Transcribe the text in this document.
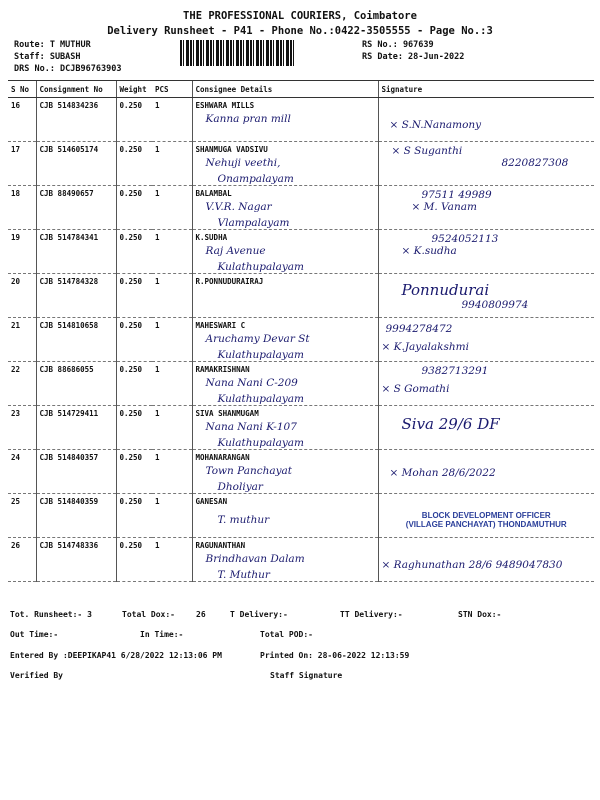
THE PROFESSIONAL COURIERS, Coimbatore
Delivery Runsheet - P41 - Phone No.:0422-3505555 - Page No.:3
Route: T MUTHUR
Staff: SUBASH
DRS No.: DCJB96763903
RS No.: 967639
RS Date: 28-Jun-2022
S No	Consignment No	Weight	PCS	Consignee Details	Signature
16	CJB 514834236	0.250	1	ESHWARA MILLS
Kanna pran mill	× S.N.Nanamony

17	CJB 514605174	0.250	1	SHANMUGA VADSIVU
Nehuji veethi,
Onampalayam	× S Suganthi
8220827308

18	CJB 88490657	0.250	1	BALAMBAL
V.V.R. Nagar
Vlampalayam	97511 49989
× M. Vanam

19	CJB 514784341	0.250	1	K.SUDHA
Raj Avenue
Kulathupalayam	9524052113
× K.sudha

20	CJB 514784328	0.250	1	R.PONNUDURAIRAJ	Ponnudurai
9940809974

21	CJB 514810658	0.250	1	MAHESWARI C
Aruchamy Devar St
Kulathupalayam	9994278472
× K.Jayalakshmi

22	CJB 88686055	0.250	1	RAMAKRISHNAN
Nana Nani C-209
Kulathupalayam	9382713291
× S Gomathi

23	CJB 514729411	0.250	1	SIVA SHANMUGAM
Nana Nani K-107
Kulathupalayam	Siva 29/6 DF

24	CJB 514840357	0.250	1	MOHANARANGAN
Town Panchayat
Dholiyar	× Mohan 28/6/2022

25	CJB 514840359	0.250	1	GANESAN
T. muthur	BLOCK DEVELOPMENT OFFICER
(VILLAGE PANCHAYAT) THONDAMUTHUR

26	CJB 514748336	0.250	1	RAGUNANTHAN
Brindhavan Dalam
T. Muthur	× Raghunathan 28/6 9489047830
Tot. Runsheet:- 3	Total Dox:-	26	T Delivery:-	TT Delivery:-	STN Dox:-
Out Time:-	In Time:-	Total POD:-
Entered By :DEEPIKAP41 6/28/2022 12:13:06 PM	Printed On: 28-06-2022 12:13:59
Verified By	Staff Signature
